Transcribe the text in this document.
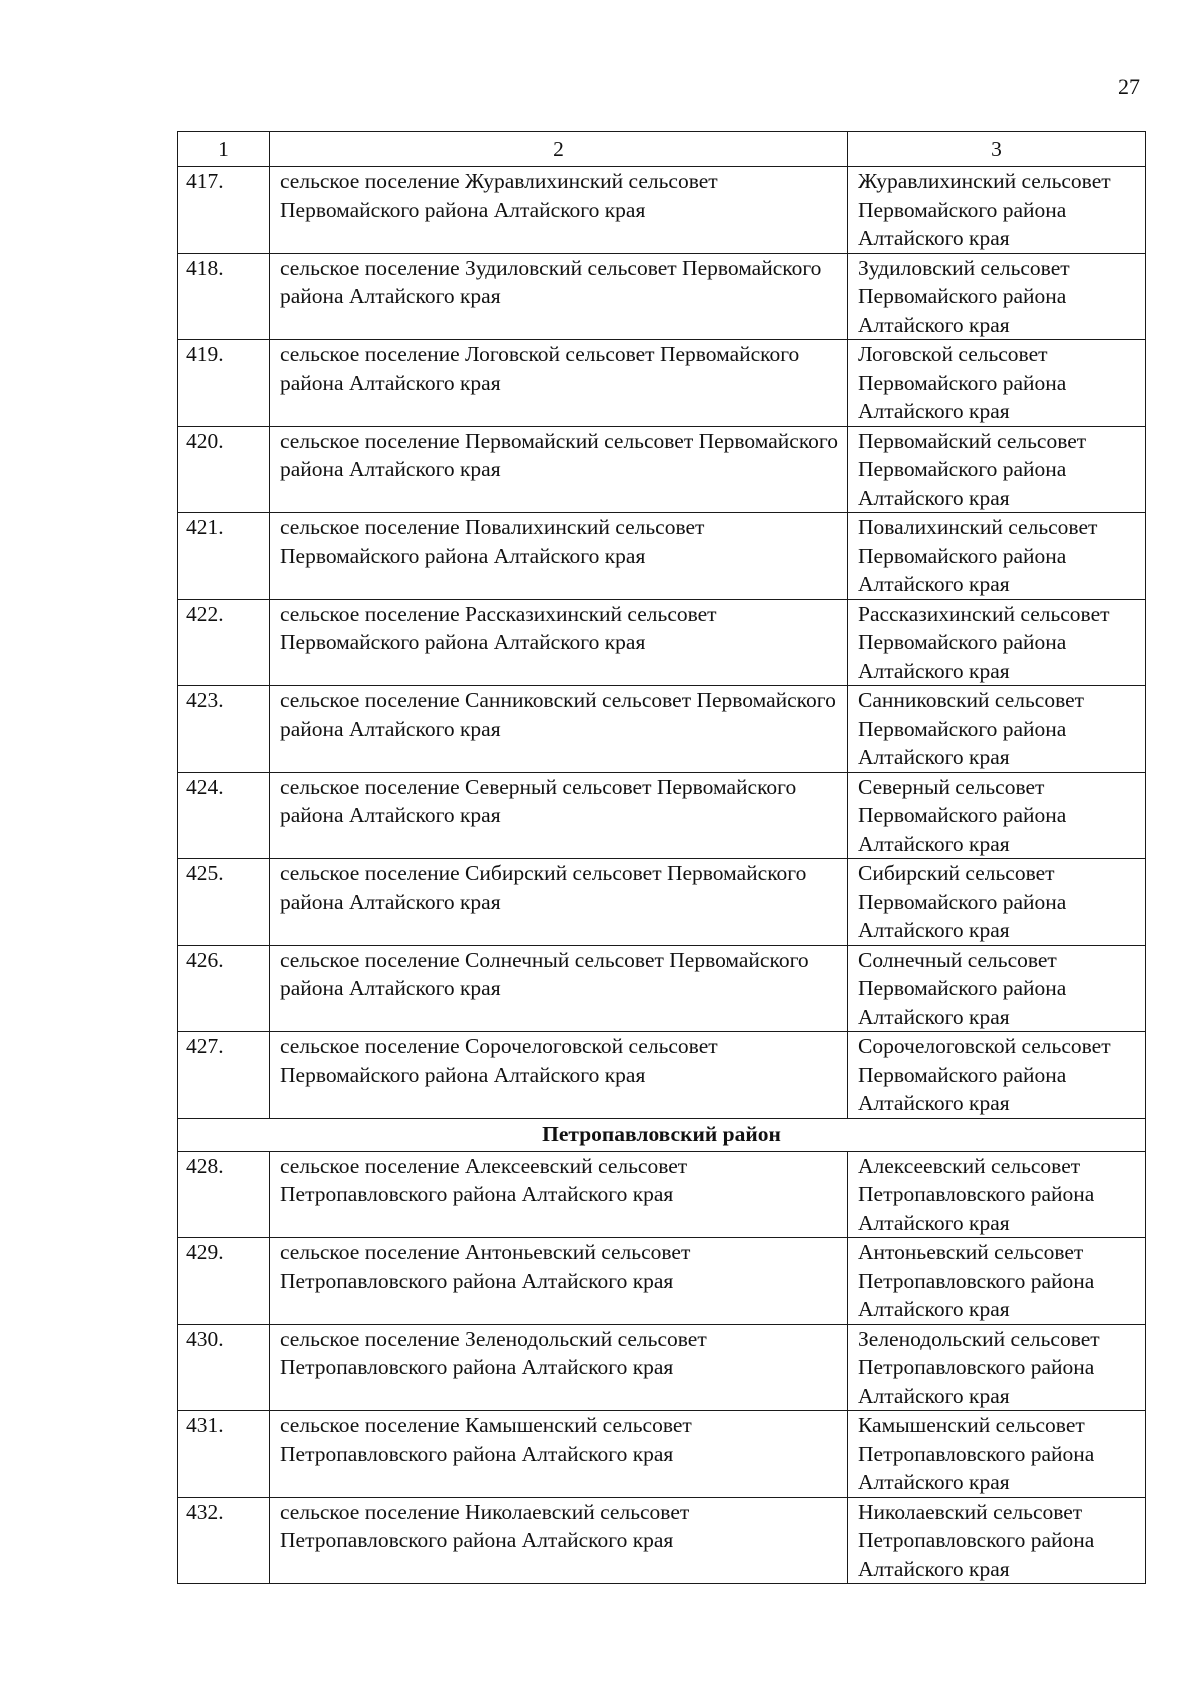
27
1	2	3
417.	сельское поселение Журавлихинский сельсовет Первомайского района Алтайского края	Журавлихинский сельсовет Первомайского района Алтайского края
418.	сельское поселение Зудиловский сельсовет Первомайского района Алтайского края	Зудиловский сельсовет Первомайского района Алтайского края
419.	сельское поселение Логовской сельсовет Первомайского района Алтайского края	Логовской сельсовет Первомайского района Алтайского края
420.	сельское поселение Первомайский сельсовет Первомайского района Алтайского края	Первомайский сельсовет Первомайского района Алтайского края
421.	сельское поселение Повалихинский сельсовет Первомайского района Алтайского края	Повалихинский сельсовет Первомайского района Алтайского края
422.	сельское поселение Рассказихинский сельсовет Первомайского района Алтайского края	Рассказихинский сельсовет Первомайского района Алтайского края
423.	сельское поселение Санниковский сельсовет Первомайского района Алтайского края	Санниковский сельсовет Первомайского района Алтайского края
424.	сельское поселение Северный сельсовет Первомайского района Алтайского края	Северный сельсовет Первомайского района Алтайского края
425.	сельское поселение Сибирский сельсовет Первомайского района Алтайского края	Сибирский сельсовет Первомайского района Алтайского края
426.	сельское поселение Солнечный сельсовет Первомайского района Алтайского края	Солнечный сельсовет Первомайского района Алтайского края
427.	сельское поселение Сорочелоговской сельсовет Первомайского района Алтайского края	Сорочелоговской сельсовет Первомайского района Алтайского края
Петропавловский район		
428.	сельское поселение Алексеевский сельсовет Петропавловского района Алтайского края	Алексеевский сельсовет Петропавловского района Алтайского края
429.	сельское поселение Антоньевский сельсовет Петропавловского района Алтайского края	Антоньевский сельсовет Петропавловского района Алтайского края
430.	сельское поселение Зеленодольский сельсовет Петропавловского района Алтайского края	Зеленодольский сельсовет Петропавловского района Алтайского края
431.	сельское поселение Камышенский сельсовет Петропавловского района Алтайского края	Камышенский сельсовет Петропавловского района Алтайского края
432.	сельское поселение Николаевский сельсовет Петропавловского района Алтайского края	Николаевский сельсовет Петропавловского района Алтайского края
